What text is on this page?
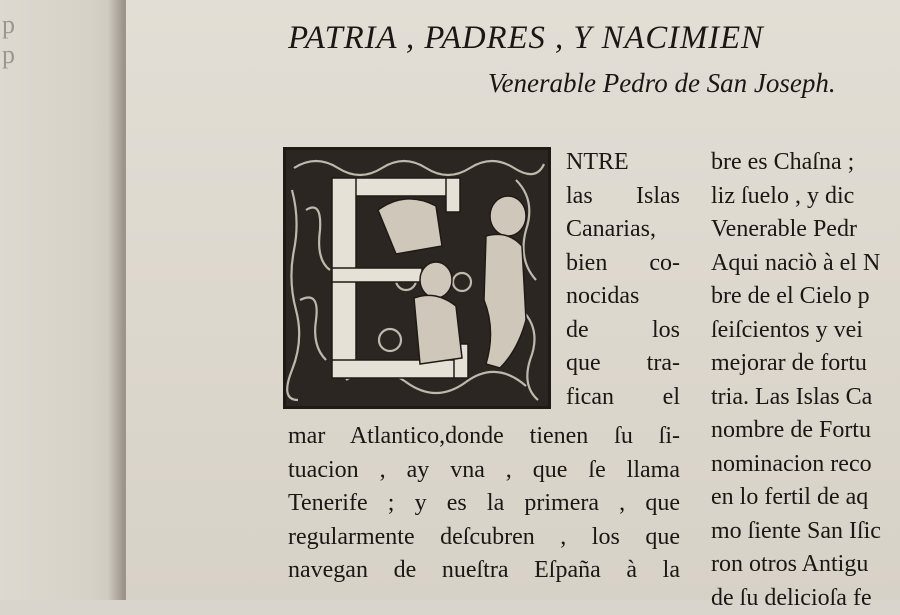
p
p	PATRIA , PADRES , Y NACIMIEN
Venerable Pedro de San Joseph.
NTRE
las Islas
Canarias,
bien co-
nocidas
de los
que tra-
fican el
mar Atlantico,donde tienen ſu ſi-
tuacion , ay vna , que ſe llama
Tenerife ; y es la primera , que
regularmente deſcubren , los que
navegan de nueſtra Eſpaña à la
bre es Chaſna ;
liz ſuelo , y dic
Venerable Pedr
Aqui naciò à el N
bre de el Cielo p
ſeiſcientos y vei
mejorar de fortu
tria. Las Islas Ca
nombre de Fortu
nominacion reco
en lo fertil de aq
mo ſiente San Iſic
ron otros Antigu
de ſu delicioſa fe
